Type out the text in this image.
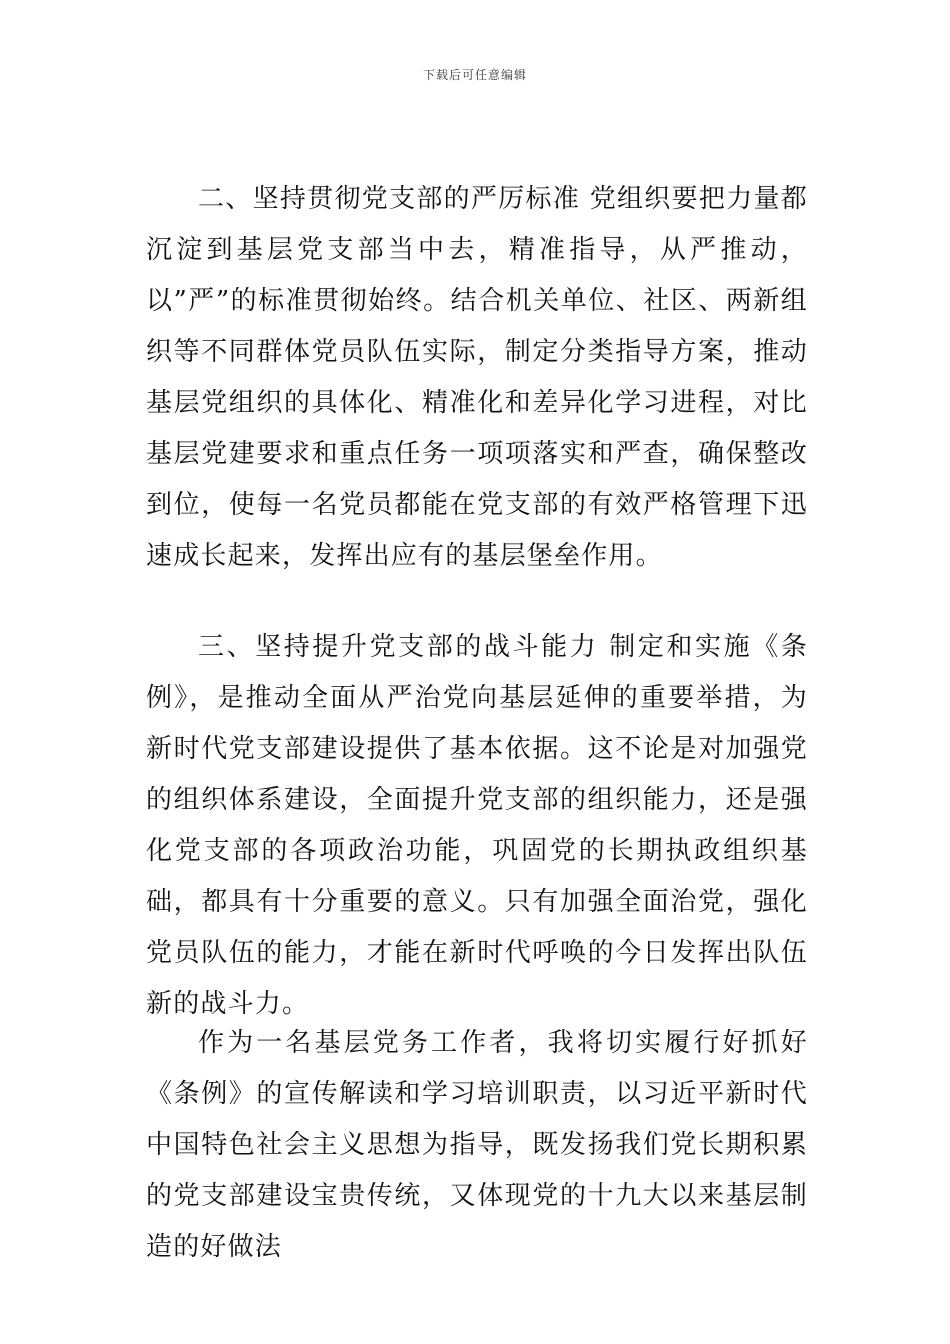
下载后可任意编辑

二、坚持贯彻党支部的严厉标准 党组织要把力量都沉淀到基层党支部当中去，精准指导，从严推动，以”严”的标准贯彻始终。结合机关单位、社区、两新组织等不同群体党员队伍实际，制定分类指导方案，推动基层党组织的具体化、精准化和差异化学习进程，对比基层党建要求和重点任务一项项落实和严查，确保整改到位，使每一名党员都能在党支部的有效严格管理下迅速成长起来，发挥出应有的基层堡垒作用。

三、坚持提升党支部的战斗能力 制定和实施《条例》，是推动全面从严治党向基层延伸的重要举措，为新时代党支部建设提供了基本依据。这不论是对加强党的组织体系建设，全面提升党支部的组织能力，还是强化党支部的各项政治功能，巩固党的长期执政组织基础，都具有十分重要的意义。只有加强全面治党，强化党员队伍的能力，才能在新时代呼唤的今日发挥出队伍新的战斗力。

作为一名基层党务工作者，我将切实履行好抓好《条例》的宣传解读和学习培训职责，以习近平新时代中国特色社会主义思想为指导，既发扬我们党长期积累的党支部建设宝贵传统，又体现党的十九大以来基层制造的好做法
